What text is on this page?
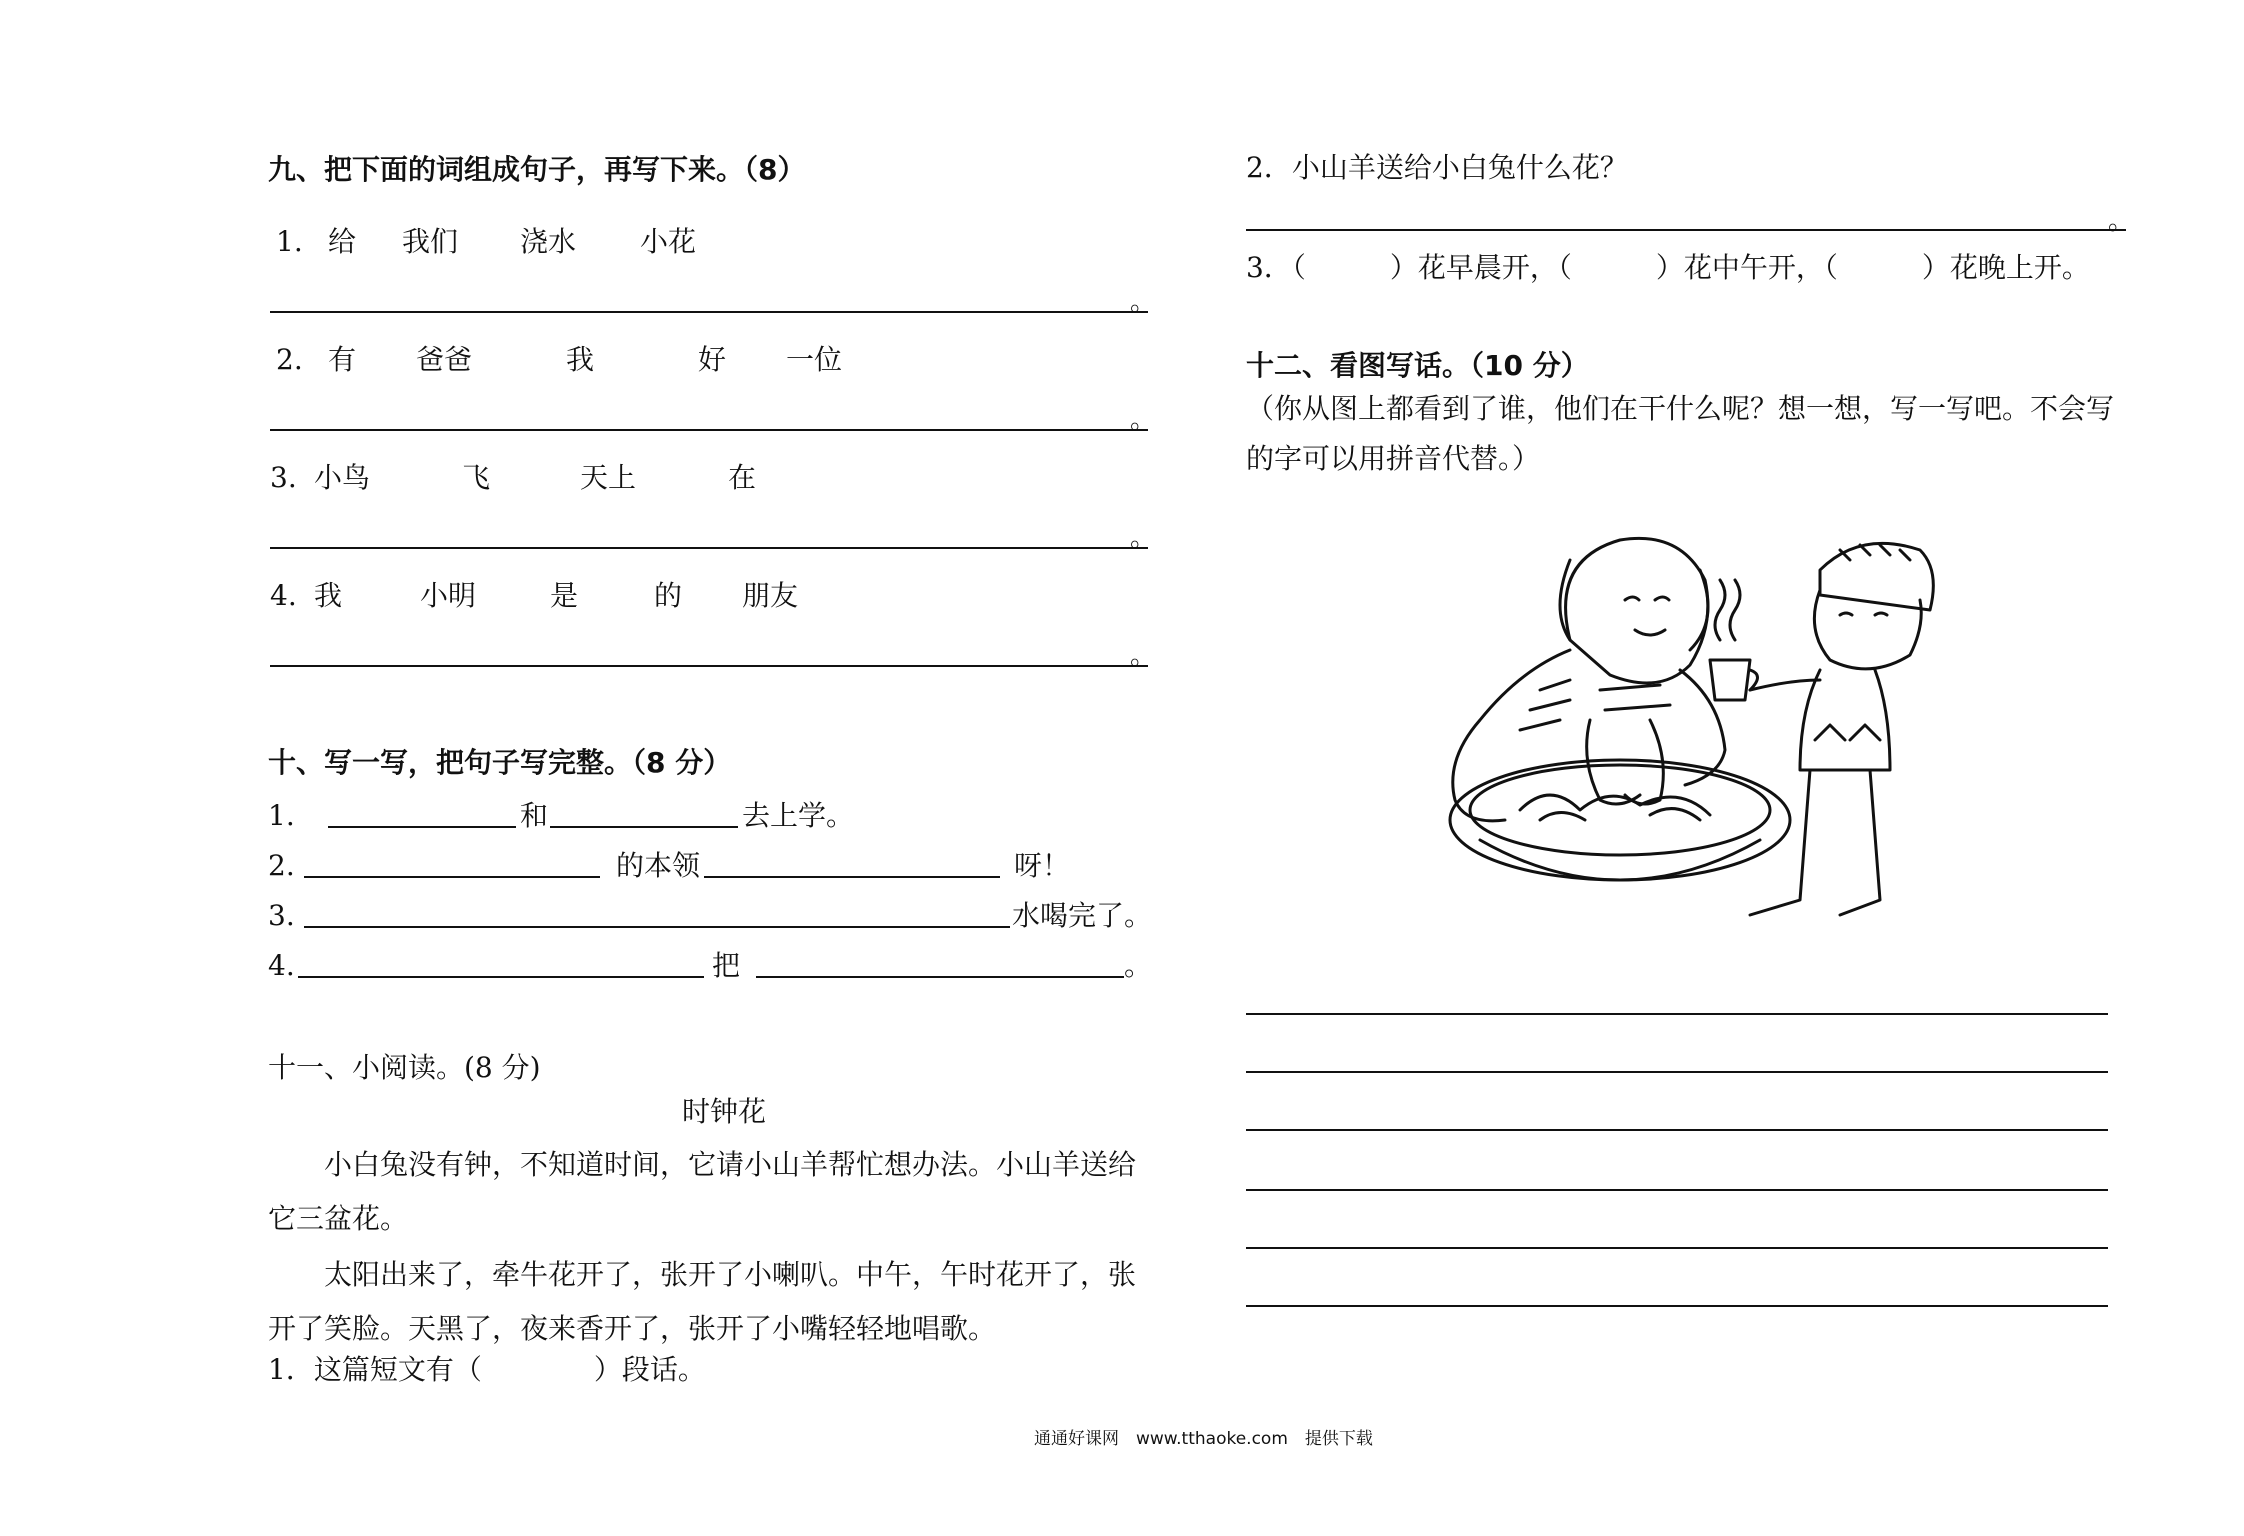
九、把下面的词组成句子，再写下来。（8）
1. 给 我们 浇水 小花
。
2. 有 爸爸	我	好 一位
。
3. 小鸟	飞	天上	在
。
4. 我	小明	是	的 朋友
。
十、写一写，把句子写完整。（8 分）
1.	和	去上学。
2.	的本领	呀！
3.	水喝完了。
4.	把	。
十一、小阅读。(8 分)
时钟花
小白兔没有钟，不知道时间，它请小山羊帮忙想办法。小山羊送给它三盆花。
太阳出来了，牵牛花开了，张开了小喇叭。中午，午时花开了，张开了笑脸。天黑了，夜来香开了，张开了小嘴轻轻地唱歌。
1．这篇短文有（　　　　）段话。
2．小山羊送给小白兔什么花？
。
3．（　　　）花早晨开，（　　　）花中午开，（　　　）花晚上开。
十二、看图写话。（10 分）
（你从图上都看到了谁，他们在干什么呢？想一想，写一写吧。不会写的字可以用拼音代替。）
通通好课网　www.tthaoke.com　提供下载
